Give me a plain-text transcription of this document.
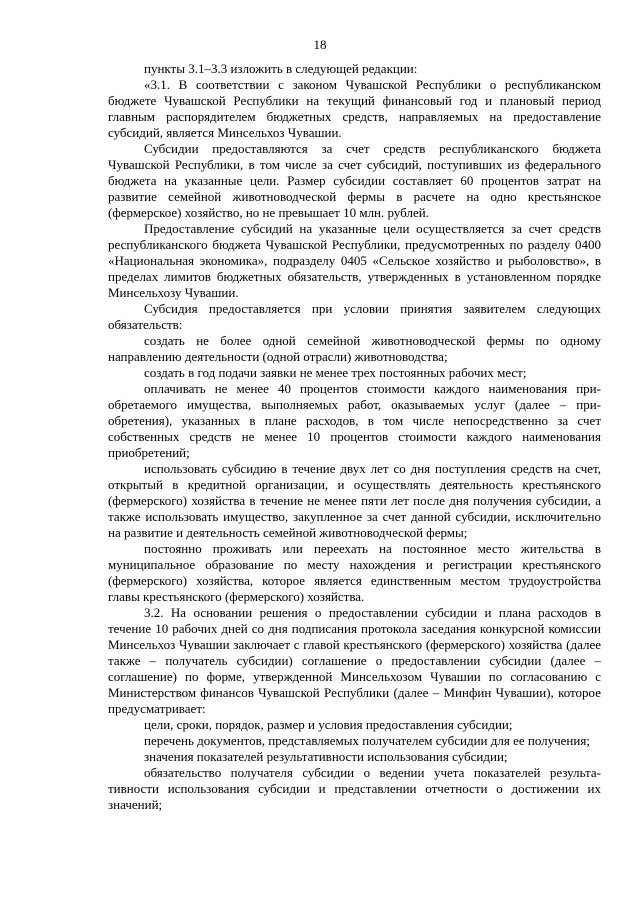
18

пункты 3.1–3.3 изложить в следующей редакции:

«3.1. В соответствии с законом Чувашской Республики о республиканском бюджете Чувашской Республики на текущий финансовый год и плановый период главным распорядителем бюджетных средств, направляемых на предоставление субсидий, является Минсельхоз Чувашии.

Субсидии предоставляются за счет средств республиканского бюджета Чувашской Республики, в том числе за счет субсидий, поступивших из федерального бюджета на указанные цели. Размер субсидии составляет 60 процентов затрат на развитие семейной животноводческой фермы в расчете на одно крестьянское (фермерское) хозяйство, но не превышает 10 млн. рублей.

Предоставление субсидий на указанные цели осуществляется за счет средств республиканского бюджета Чувашской Республики, предусмотренных по разделу 0400 «Национальная экономика», подразделу 0405 «Сельское хозяйство и рыболовство», в пределах лимитов бюджетных обязательств, утвержденных в установленном порядке Минсельхозу Чувашии.

Субсидия предоставляется при условии принятия заявителем следующих обязательств:

создать не более одной семейной животноводческой фермы по одному направлению деятельности (одной отрасли) животноводства;

создать в год подачи заявки не менее трех постоянных рабочих мест;

оплачивать не менее 40 процентов стоимости каждого наименования приобретаемого имущества, выполняемых работ, оказываемых услуг (далее – приобретения), указанных в плане расходов, в том числе непосредственно за счет собственных средств не менее 10 процентов стоимости каждого наименования приобретений;

использовать субсидию в течение двух лет со дня поступления средств на счет, открытый в кредитной организации, и осуществлять деятельность крестьянского (фермерского) хозяйства в течение не менее пяти лет после дня получения субсидии, а также использовать имущество, закупленное за счет данной субсидии, исключительно на развитие и деятельность семейной животноводческой фермы;

постоянно проживать или переехать на постоянное место жительства в муниципальное образование по месту нахождения и регистрации крестьянского (фермерского) хозяйства, которое является единственным местом трудоустройства главы крестьянского (фермерского) хозяйства.

3.2. На основании решения о предоставлении субсидии и плана расходов в течение 10 рабочих дней со дня подписания протокола заседания конкурсной комиссии Минсельхоз Чувашии заключает с главой крестьянского (фермерского) хозяйства (далее также – получатель субсидии) соглашение о предоставлении субсидии (далее – соглашение) по форме, утвержденной Минсельхозом Чувашии по согласованию с Министерством финансов Чувашской Республики (далее – Минфин Чувашии), которое предусматривает:

цели, сроки, порядок, размер и условия предоставления субсидии;

перечень документов, представляемых получателем субсидии для ее получения;

значения показателей результативности использования субсидии;

обязательство получателя субсидии о ведении учета показателей результативности использования субсидии и представлении отчетности о достижении их значений;
